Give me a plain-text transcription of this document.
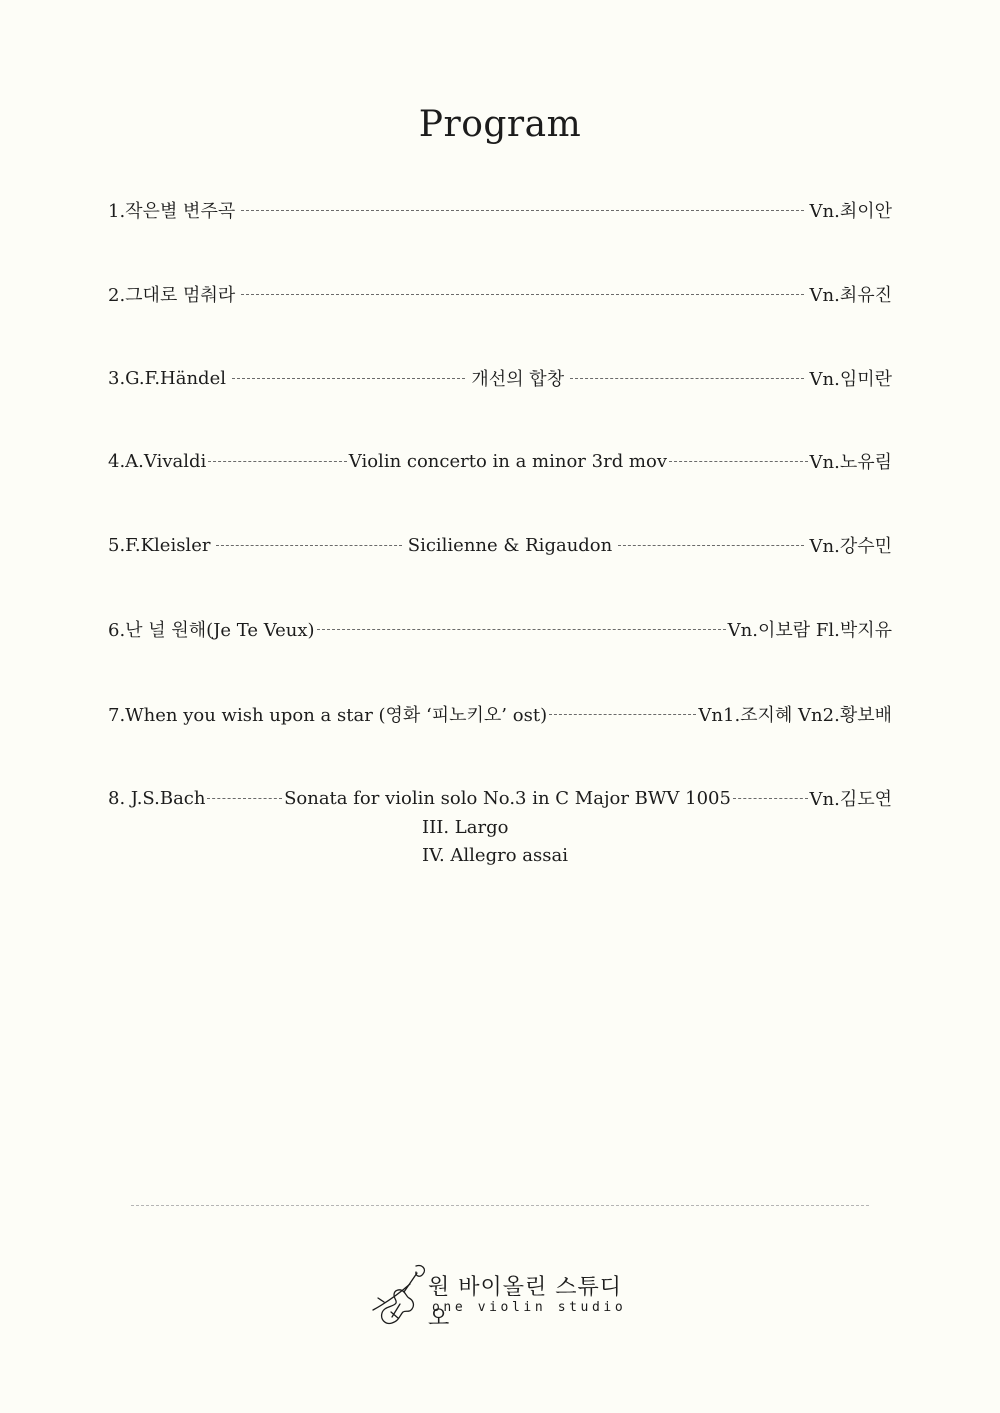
Program
1.작은별 변주곡	Vn.최이안
2.그대로 멈춰라	Vn.최유진
3.G.F.Händel	개선의 합창	Vn.임미란
4.A.Vivaldi	Violin concerto in a minor 3rd mov	Vn.노유림
5.F.Kleisler	Sicilienne & Rigaudon	Vn.강수민
6.난 널 원해(Je Te Veux)	Vn.이보람 Fl.박지유
7.When you wish upon a star (영화 ‘피노키오’ ost)	Vn1.조지혜 Vn2.황보배
8. J.S.Bach	Sonata for violin solo No.3 in C Major BWV 1005	Vn.김도연
III. Largo
IV. Allegro assai
원 바이올린 스튜디오
one violin studio
